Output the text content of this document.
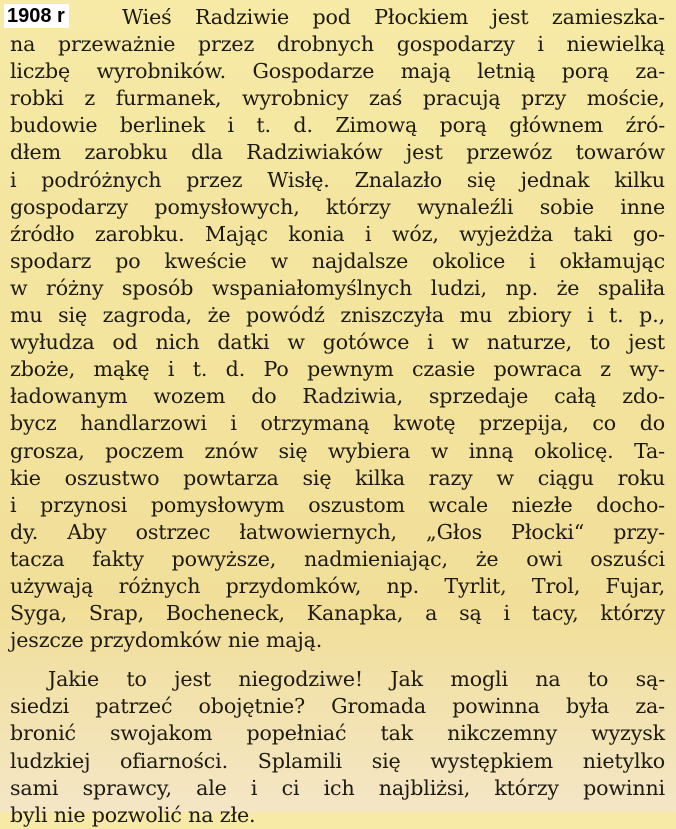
Wieś Radziwie pod Płockiem jest zamieszka-
na przeważnie przez drobnych gospodarzy i niewielką
liczbę wyrobników. Gospodarze mają letnią porą za-
robki z furmanek, wyrobnicy zaś pracują przy moście,
budowie berlinek i t. d. Zimową porą głównem źró-
dłem zarobku dla Radziwiaków jest przewóz towarów
i podróżnych przez Wisłę. Znalazło się jednak kilku
gospodarzy pomysłowych, którzy wynaleźli sobie inne
źródło zarobku. Mając konia i wóz, wyjeżdża taki go-
spodarz po kweście w najdalsze okolice i okłamując
w różny sposób wspaniałomyślnych ludzi, np. że spaliła
mu się zagroda, że powódź zniszczyła mu zbiory i t. p.,
wyłudza od nich datki w gotówce i w naturze, to jest
zboże, mąkę i t. d. Po pewnym czasie powraca z wy-
ładowanym wozem do Radziwia, sprzedaje całą zdo-
bycz handlarzowi i otrzymaną kwotę przepija, co do
grosza, poczem znów się wybiera w inną okolicę. Ta-
kie oszustwo powtarza się kilka razy w ciągu roku
i przynosi pomysłowym oszustom wcale niezłe docho-
dy. Aby ostrzec łatwowiernych, „Głos Płocki“ przy-
tacza fakty powyższe, nadmieniając, że owi oszuści
używają różnych przydomków, np. Tyrlit, Trol, Fujar,
Syga, Srap, Bocheneck, Kanapka, a są i tacy, którzy
jeszcze przydomków nie mają.
Jakie to jest niegodziwe! Jak mogli na to są-
siedzi patrzeć obojętnie? Gromada powinna była za-
bronić swojakom popełniać tak nikczemny wyzysk
ludzkiej ofiarności. Splamili się występkiem nietylko
sami sprawcy, ale i ci ich najbliżsi, którzy powinni
byli nie pozwolić na złe.
1908 r
